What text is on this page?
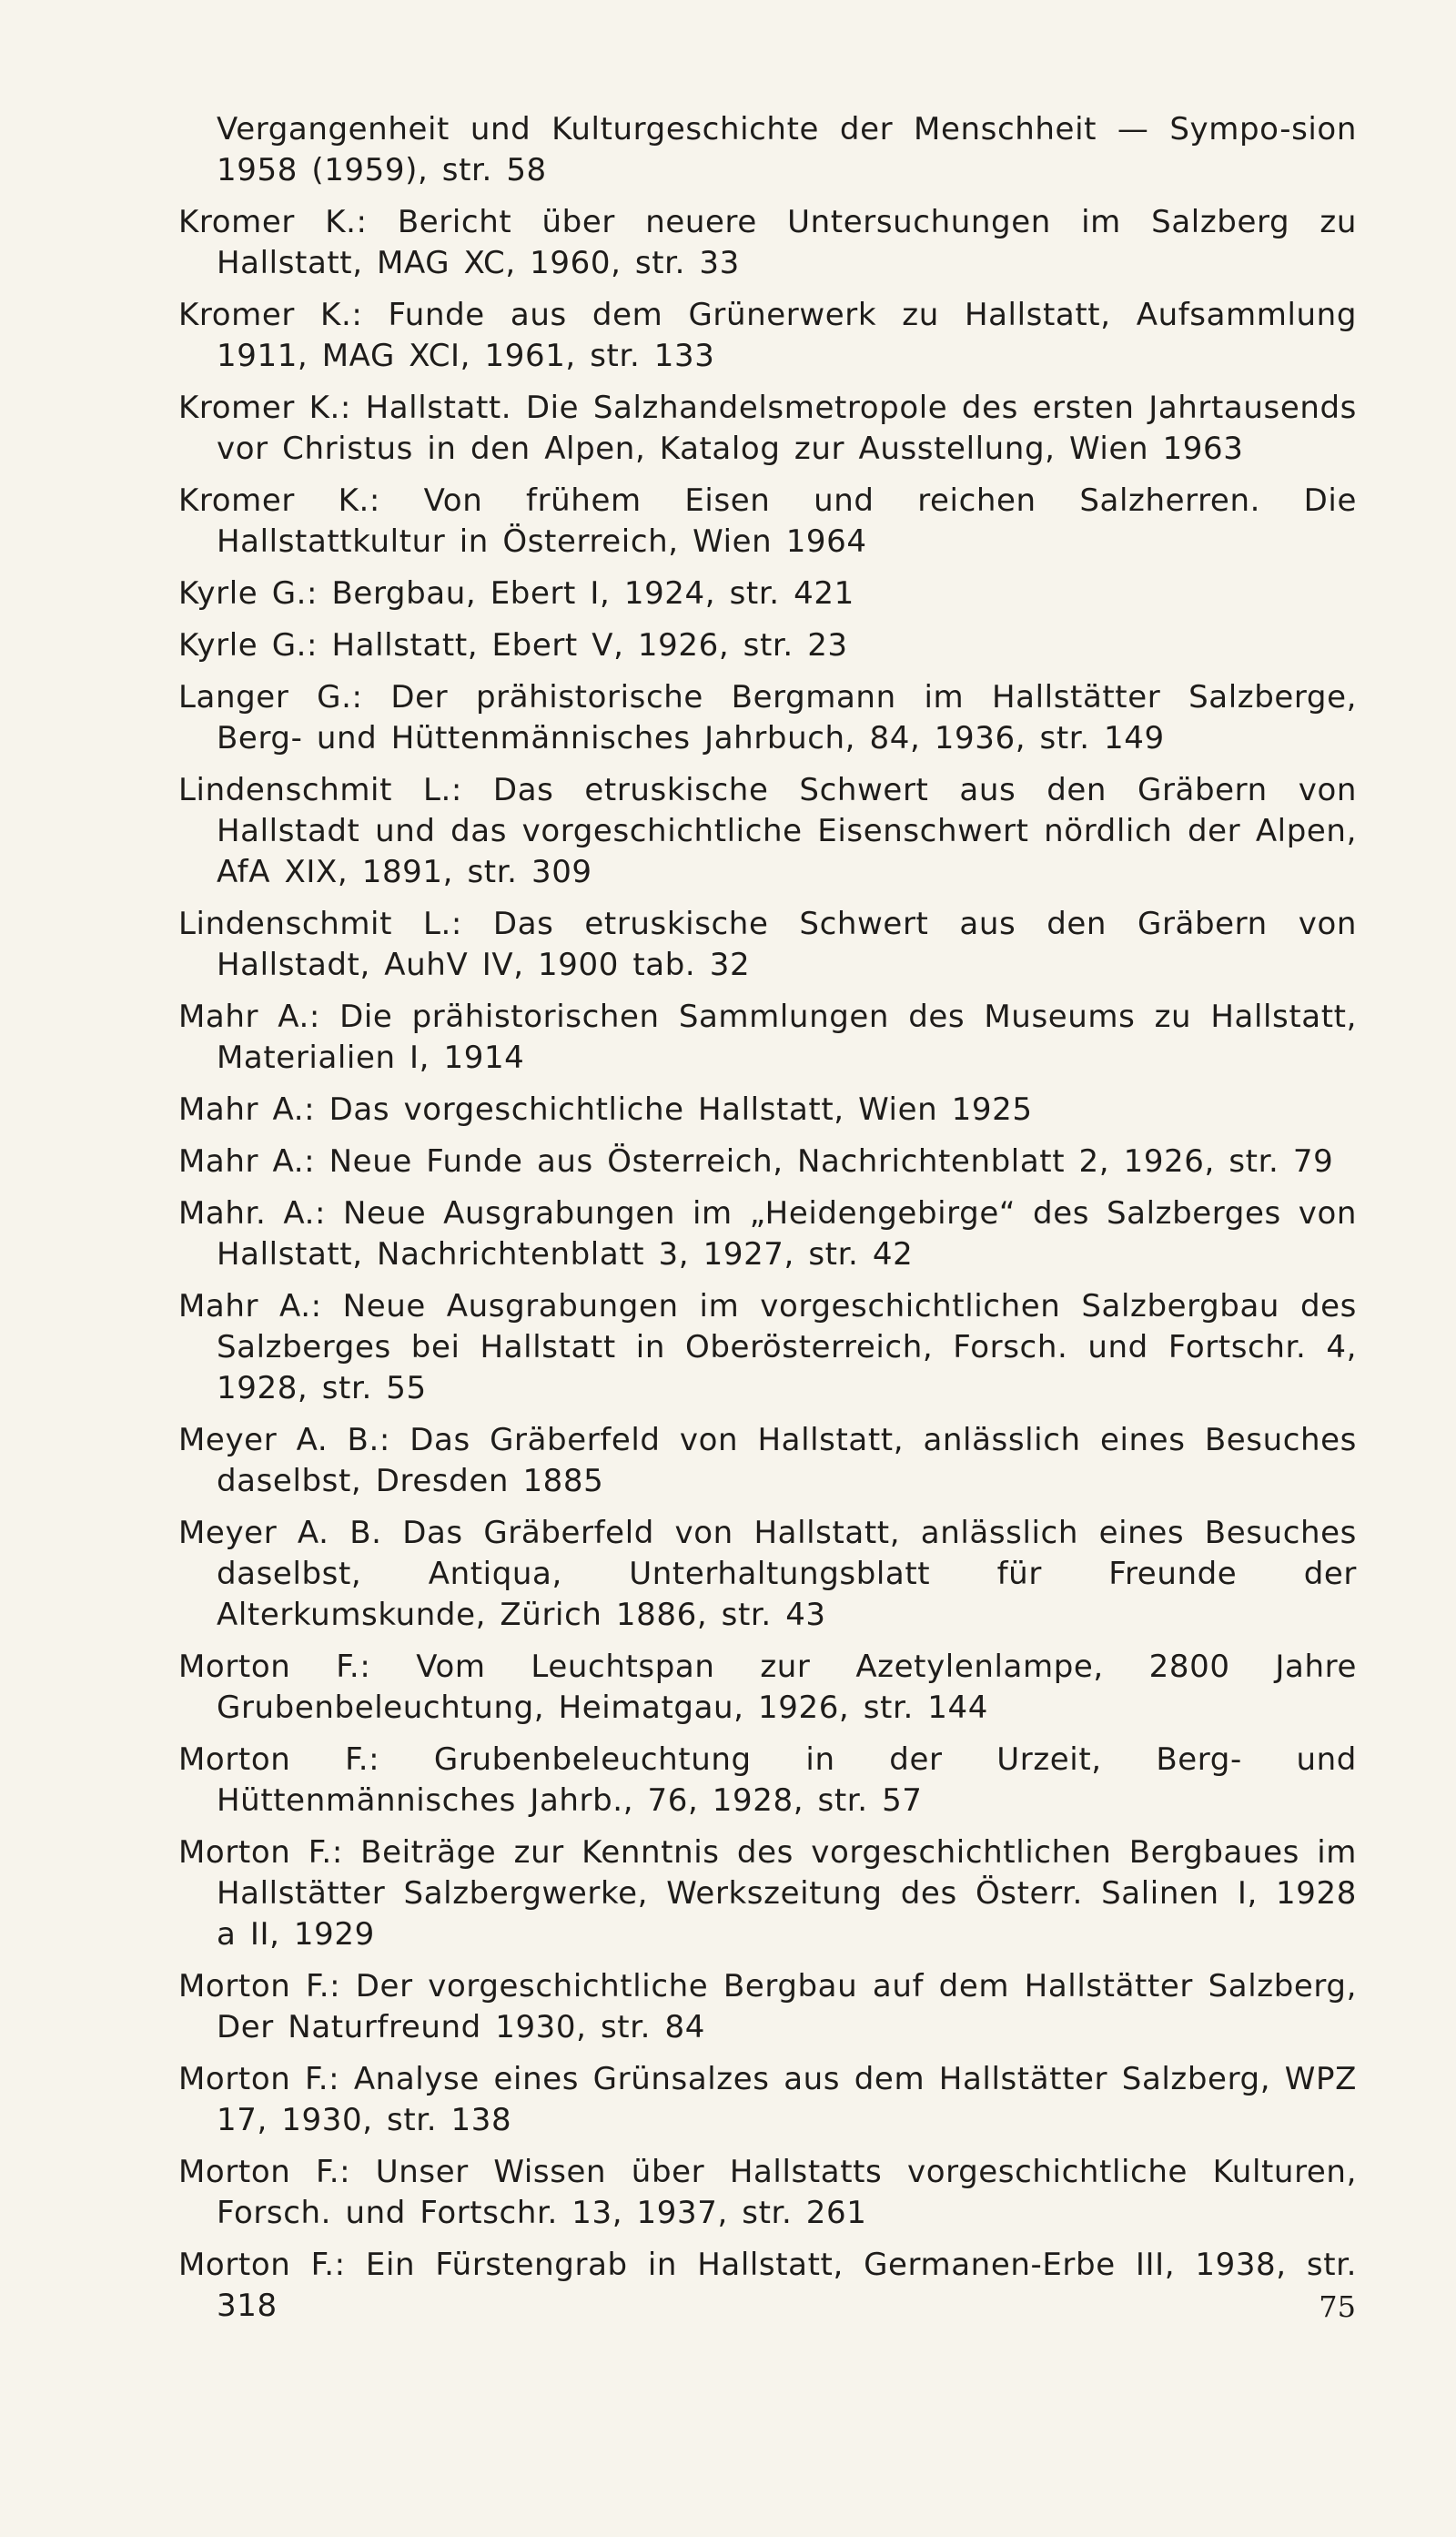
Vergangenheit und Kulturgeschichte der Menschheit — Sympo-sion 1958 (1959), str. 58
Kromer K.: Bericht über neuere Untersuchungen im Salzberg zu Hallstatt, MAG XC, 1960, str. 33
Kromer K.: Funde aus dem Grünerwerk zu Hallstatt, Aufsammlung 1911, MAG XCI, 1961, str. 133
Kromer K.: Hallstatt. Die Salzhandelsmetropole des ersten Jahrtausends vor Christus in den Alpen, Katalog zur Ausstellung, Wien 1963
Kromer K.: Von frühem Eisen und reichen Salzherren. Die Hallstattkultur in Österreich, Wien 1964
Kyrle G.: Bergbau, Ebert I, 1924, str. 421
Kyrle G.: Hallstatt, Ebert V, 1926, str. 23
Langer G.: Der prähistorische Bergmann im Hallstätter Salzberge, Berg- und Hüttenmännisches Jahrbuch, 84, 1936, str. 149
Lindenschmit L.: Das etruskische Schwert aus den Gräbern von Hallstadt und das vorgeschichtliche Eisenschwert nördlich der Alpen, AfA XIX, 1891, str. 309
Lindenschmit L.: Das etruskische Schwert aus den Gräbern von Hallstadt, AuhV IV, 1900 tab. 32
Mahr A.: Die prähistorischen Sammlungen des Museums zu Hallstatt, Materialien I, 1914
Mahr A.: Das vorgeschichtliche Hallstatt, Wien 1925
Mahr A.: Neue Funde aus Österreich, Nachrichtenblatt 2, 1926, str. 79
Mahr. A.: Neue Ausgrabungen im „Heidengebirge“ des Salzberges von Hallstatt, Nachrichtenblatt 3, 1927, str. 42
Mahr A.: Neue Ausgrabungen im vorgeschichtlichen Salzbergbau des Salzberges bei Hallstatt in Oberösterreich, Forsch. und Fortschr. 4, 1928, str. 55
Meyer A. B.: Das Gräberfeld von Hallstatt, anlässlich eines Besuches daselbst, Dresden 1885
Meyer A. B. Das Gräberfeld von Hallstatt, anlässlich eines Besuches daselbst, Antiqua, Unterhaltungsblatt für Freunde der Alterkumskunde, Zürich 1886, str. 43
Morton F.: Vom Leuchtspan zur Azetylenlampe, 2800 Jahre Grubenbeleuchtung, Heimatgau, 1926, str. 144
Morton F.: Grubenbeleuchtung in der Urzeit, Berg- und Hüttenmännisches Jahrb., 76, 1928, str. 57
Morton F.: Beiträge zur Kenntnis des vorgeschichtlichen Bergbaues im Hallstätter Salzbergwerke, Werkszeitung des Österr. Salinen I, 1928 a II, 1929
Morton F.: Der vorgeschichtliche Bergbau auf dem Hallstätter Salzberg, Der Naturfreund 1930, str. 84
Morton F.: Analyse eines Grünsalzes aus dem Hallstätter Salzberg, WPZ 17, 1930, str. 138
Morton F.: Unser Wissen über Hallstatts vorgeschichtliche Kulturen, Forsch. und Fortschr. 13, 1937, str. 261
Morton F.: Ein Fürstengrab in Hallstatt, Germanen-Erbe III, 1938, str. 318	75
